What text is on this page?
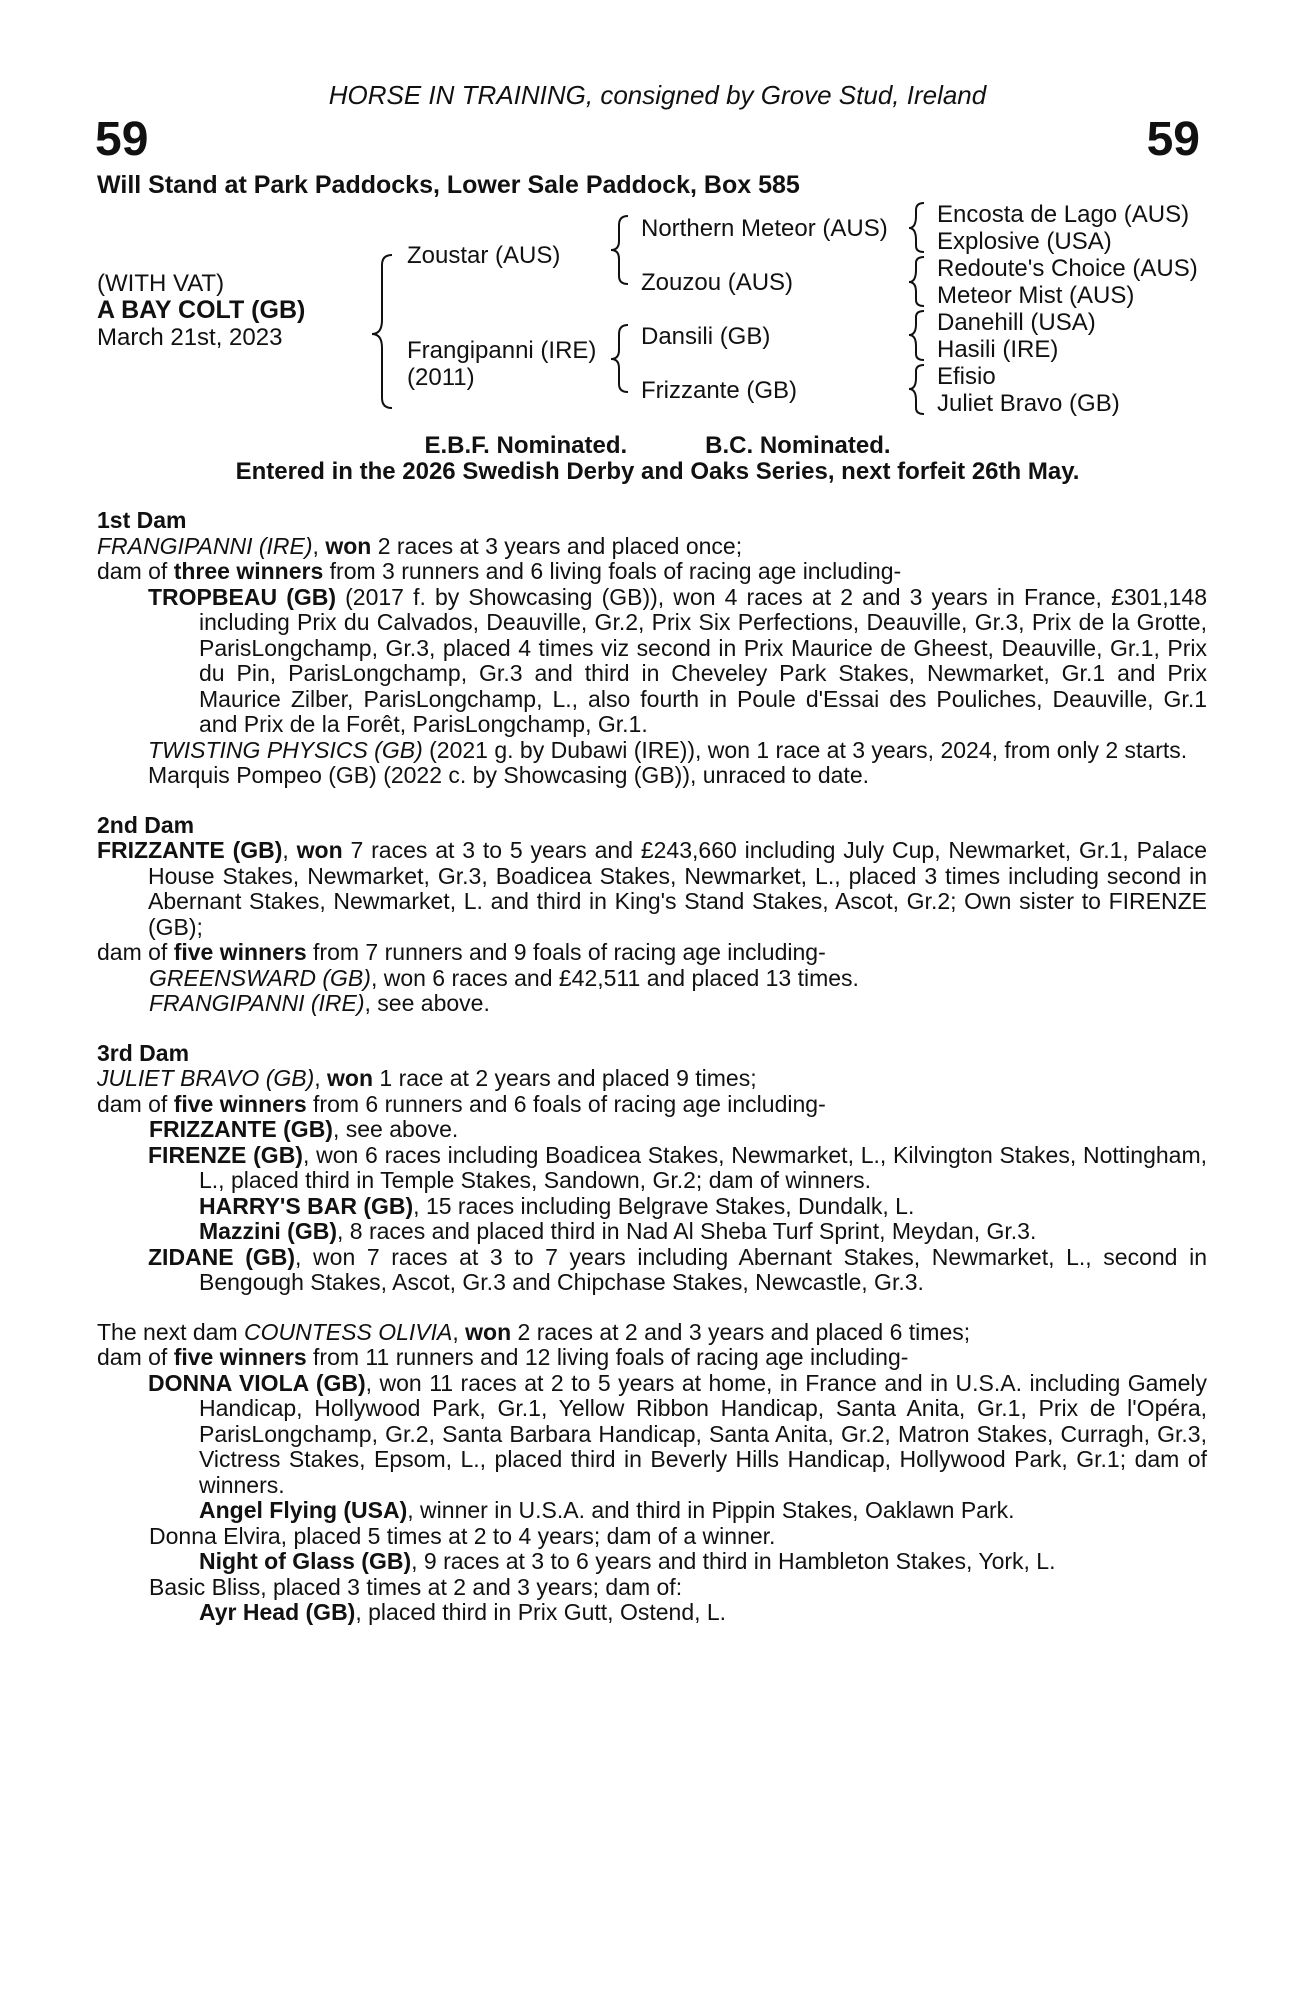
HORSE IN TRAINING, consigned by Grove Stud, Ireland
59	59
Will Stand at Park Paddocks, Lower Sale Paddock, Box 585
(WITH VAT)
A BAY COLT (GB)
March 21st, 2023
Zoustar (AUS)
Frangipanni (IRE)
(2011)
Northern Meteor (AUS)
Zouzou (AUS)
Dansili (GB)
Frizzante (GB)
Encosta de Lago (AUS)
Explosive (USA)
Redoute's Choice (AUS)
Meteor Mist (AUS)
Danehill (USA)
Hasili (IRE)
Efisio
Juliet Bravo (GB)
E.B.F. Nominated.	B.C. Nominated.
Entered in the 2026 Swedish Derby and Oaks Series, next forfeit 26th May.

1st Dam

FRANGIPANNI (IRE), won 2 races at 3 years and placed once;

dam of three winners from 3 runners and 6 living foals of racing age including-

TROPBEAU (GB) (2017 f. by Showcasing (GB)), won 4 races at 2 and 3 years in France, £301,148 including Prix du Calvados, Deauville, Gr.2, Prix Six Perfections, Deauville, Gr.3, Prix de la Grotte, ParisLongchamp, Gr.3, placed 4 times viz second in Prix Maurice de Gheest, Deauville, Gr.1, Prix du Pin, ParisLongchamp, Gr.3 and third in Cheveley Park Stakes, Newmarket, Gr.1 and Prix Maurice Zilber, ParisLongchamp, L., also fourth in Poule d'Essai des Pouliches, Deauville, Gr.1 and Prix de la Forêt, ParisLongchamp, Gr.1.

TWISTING PHYSICS (GB) (2021 g. by Dubawi (IRE)), won 1 race at 3 years, 2024, from only 2 starts.

Marquis Pompeo (GB) (2022 c. by Showcasing (GB)), unraced to date.

2nd Dam

FRIZZANTE (GB), won 7 races at 3 to 5 years and £243,660 including July Cup, Newmarket, Gr.1, Palace House Stakes, Newmarket, Gr.3, Boadicea Stakes, Newmarket, L., placed 3 times including second in Abernant Stakes, Newmarket, L. and third in King's Stand Stakes, Ascot, Gr.2; Own sister to FIRENZE (GB);

dam of five winners from 7 runners and 9 foals of racing age including-

GREENSWARD (GB), won 6 races and £42,511 and placed 13 times.

FRANGIPANNI (IRE), see above.

3rd Dam

JULIET BRAVO (GB), won 1 race at 2 years and placed 9 times;

dam of five winners from 6 runners and 6 foals of racing age including-

FRIZZANTE (GB), see above.

FIRENZE (GB), won 6 races including Boadicea Stakes, Newmarket, L., Kilvington Stakes, Nottingham, L., placed third in Temple Stakes, Sandown, Gr.2; dam of winners.

HARRY'S BAR (GB), 15 races including Belgrave Stakes, Dundalk, L.

Mazzini (GB), 8 races and placed third in Nad Al Sheba Turf Sprint, Meydan, Gr.3.

ZIDANE (GB), won 7 races at 3 to 7 years including Abernant Stakes, Newmarket, L., second in Bengough Stakes, Ascot, Gr.3 and Chipchase Stakes, Newcastle, Gr.3.

The next dam COUNTESS OLIVIA, won 2 races at 2 and 3 years and placed 6 times;

dam of five winners from 11 runners and 12 living foals of racing age including-

DONNA VIOLA (GB), won 11 races at 2 to 5 years at home, in France and in U.S.A. including Gamely Handicap, Hollywood Park, Gr.1, Yellow Ribbon Handicap, Santa Anita, Gr.1, Prix de l'Opéra, ParisLongchamp, Gr.2, Santa Barbara Handicap, Santa Anita, Gr.2, Matron Stakes, Curragh, Gr.3, Victress Stakes, Epsom, L., placed third in Beverly Hills Handicap, Hollywood Park, Gr.1; dam of winners.

Angel Flying (USA), winner in U.S.A. and third in Pippin Stakes, Oaklawn Park.

Donna Elvira, placed 5 times at 2 to 4 years; dam of a winner.

Night of Glass (GB), 9 races at 3 to 6 years and third in Hambleton Stakes, York, L.

Basic Bliss, placed 3 times at 2 and 3 years; dam of:

Ayr Head (GB), placed third in Prix Gutt, Ostend, L.
